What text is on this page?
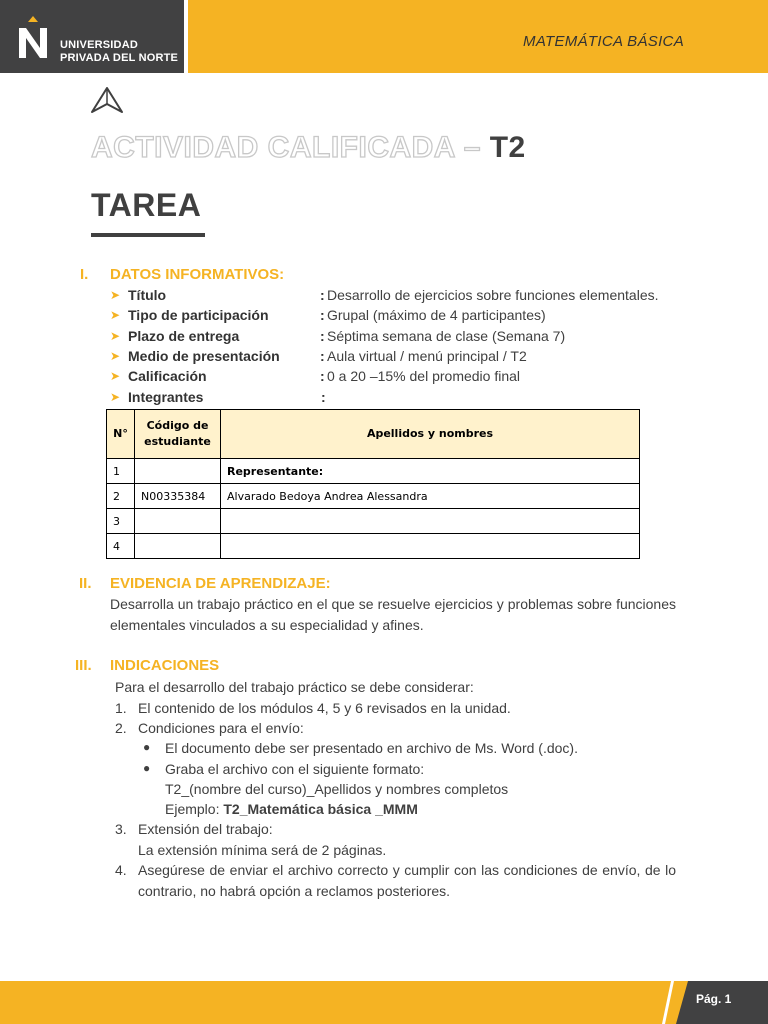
UNIVERSIDAD
PRIVADA DEL NORTE
MATEMÁTICA BÁSICA
ACTIVIDAD CALIFICADA – T2
TAREA
I. DATOS INFORMATIVOS:
➤ Título	: Desarrollo de ejercicios sobre funciones elementales.
➤ Tipo de participación	: Grupal (máximo de 4 participantes)
➤ Plazo de entrega	: Séptima semana de clase (Semana 7)
➤ Medio de presentación	: Aula virtual / menú principal / T2
➤ Calificación	: 0 a 20 –15% del promedio final
➤ Integrantes	:
N°	Código de estudiante	Apellidos y nombres
1		Representante:
2	N00335384	Alvarado Bedoya Andrea Alessandra
3		
4		
II. EVIDENCIA DE APRENDIZAJE:
Desarrolla un trabajo práctico en el que se resuelve ejercicios y problemas sobre funciones elementales vinculados a su especialidad y afines.
III. INDICACIONES
Para el desarrollo del trabajo práctico se debe considerar:
1. El contenido de los módulos 4, 5 y 6 revisados en la unidad.
2. Condiciones para el envío:
● El documento debe ser presentado en archivo de Ms. Word (.doc).
● Graba el archivo con el siguiente formato:
T2_(nombre del curso)_Apellidos y nombres completos
Ejemplo: T2_Matemática básica _MMM
3. Extensión del trabajo:
La extensión mínima será de 2 páginas.
4. Asegúrese de enviar el archivo correcto y cumplir con las condiciones de envío, de lo contrario, no habrá opción a reclamos posteriores.
Pág. 1
